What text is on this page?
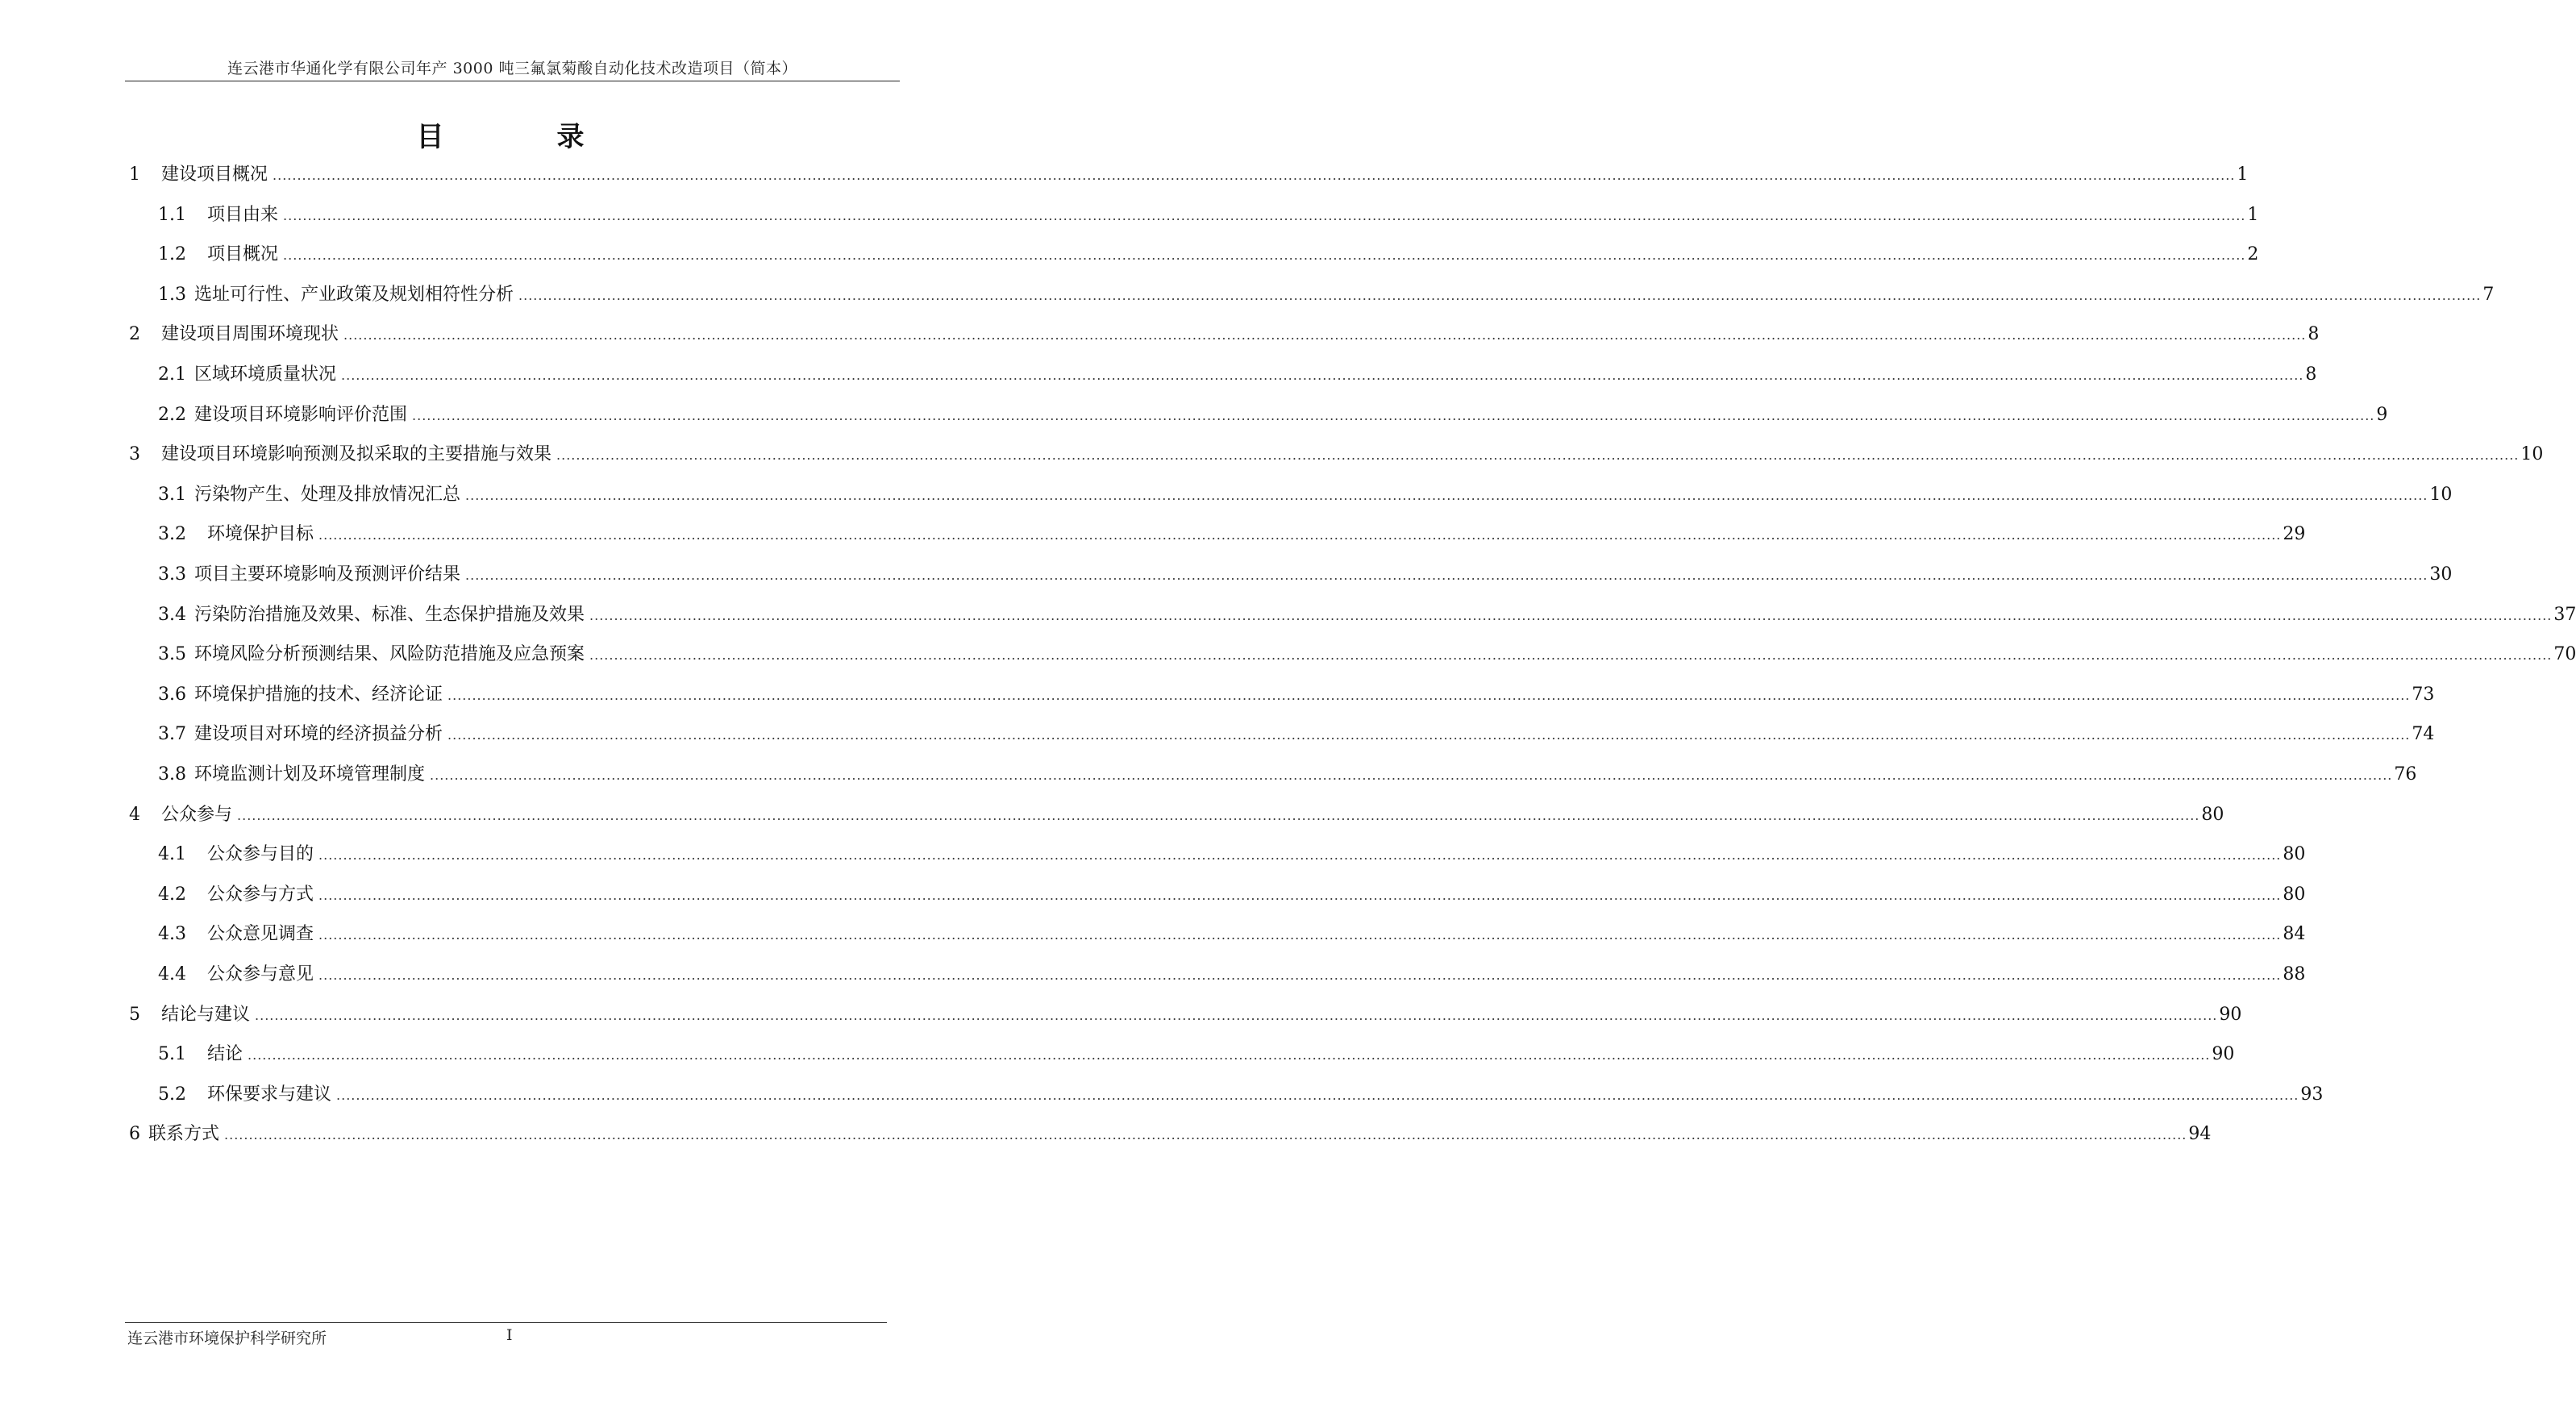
连云港市华通化学有限公司年产 3000 吨三氟氯菊酸自动化技术改造项目（简本）
目	录
1 建设项目概况 ................................................................................................................................................................................................................................................................................................................................................................................................................ 1
1.1 项目由来 ................................................................................................................................................................................................................................................................................................................................................................................................................ 1
1.2 项目概况 ................................................................................................................................................................................................................................................................................................................................................................................................................ 2
1.3 选址可行性、产业政策及规划相符性分析 ................................................................................................................................................................................................................................................................................................................................................................................................................ 7
2 建设项目周围环境现状 ................................................................................................................................................................................................................................................................................................................................................................................................................ 8
2.1 区域环境质量状况 ................................................................................................................................................................................................................................................................................................................................................................................................................ 8
2.2 建设项目环境影响评价范围 ................................................................................................................................................................................................................................................................................................................................................................................................................ 9
3 建设项目环境影响预测及拟采取的主要措施与效果 ................................................................................................................................................................................................................................................................................................................................................................................................................ 10
3.1 污染物产生、处理及排放情况汇总 ................................................................................................................................................................................................................................................................................................................................................................................................................ 10
3.2 环境保护目标 ................................................................................................................................................................................................................................................................................................................................................................................................................ 29
3.3 项目主要环境影响及预测评价结果 ................................................................................................................................................................................................................................................................................................................................................................................................................ 30
3.4 污染防治措施及效果、标准、生态保护措施及效果 ................................................................................................................................................................................................................................................................................................................................................................................................................ 37
3.5 环境风险分析预测结果、风险防范措施及应急预案 ................................................................................................................................................................................................................................................................................................................................................................................................................ 70
3.6 环境保护措施的技术、经济论证 ................................................................................................................................................................................................................................................................................................................................................................................................................ 73
3.7 建设项目对环境的经济损益分析 ................................................................................................................................................................................................................................................................................................................................................................................................................ 74
3.8 环境监测计划及环境管理制度 ................................................................................................................................................................................................................................................................................................................................................................................................................ 76
4 公众参与 ................................................................................................................................................................................................................................................................................................................................................................................................................ 80
4.1 公众参与目的 ................................................................................................................................................................................................................................................................................................................................................................................................................ 80
4.2 公众参与方式 ................................................................................................................................................................................................................................................................................................................................................................................................................ 80
4.3 公众意见调查 ................................................................................................................................................................................................................................................................................................................................................................................................................ 84
4.4 公众参与意见 ................................................................................................................................................................................................................................................................................................................................................................................................................ 88
5 结论与建议 ................................................................................................................................................................................................................................................................................................................................................................................................................ 90
5.1 结论 ................................................................................................................................................................................................................................................................................................................................................................................................................ 90
5.2 环保要求与建议 ................................................................................................................................................................................................................................................................................................................................................................................................................ 93
6 联系方式 ................................................................................................................................................................................................................................................................................................................................................................................................................ 94
连云港市环境保护科学研究所	I
